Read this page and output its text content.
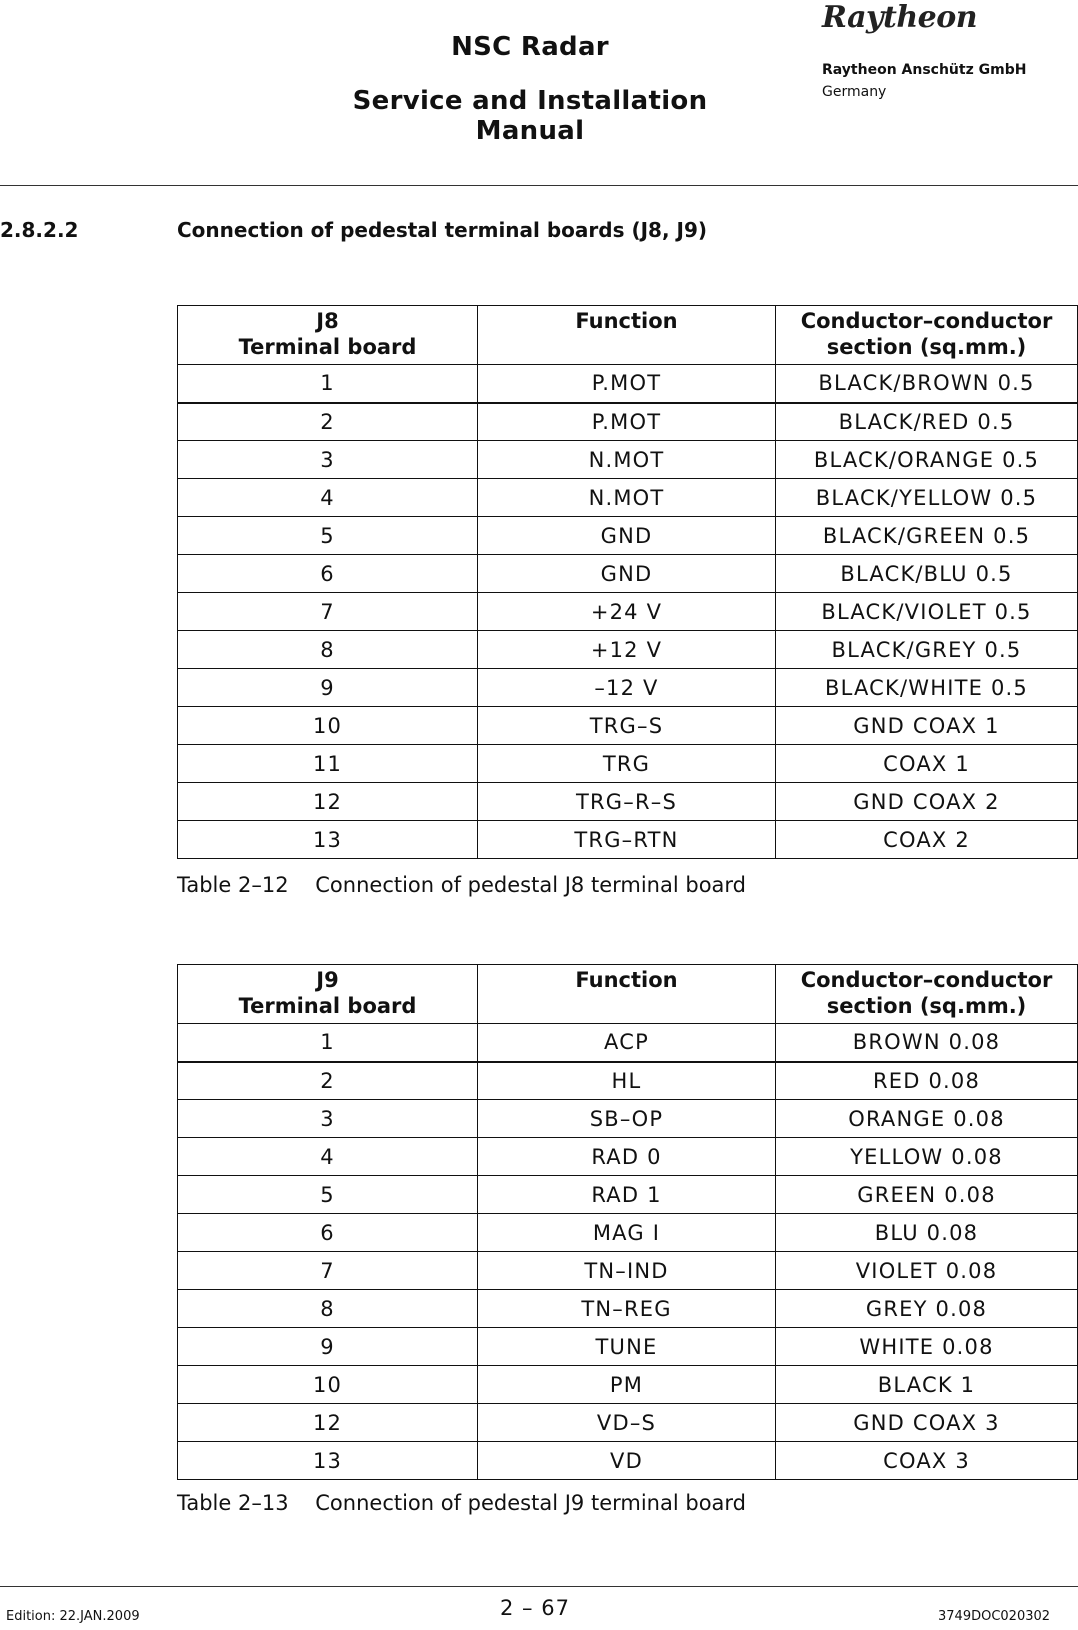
NSC Radar
Service and Installation Manual
Raytheon
Raytheon Anschütz GmbH
Germany
2.8.2.2	Connection of pedestal terminal boards (J8, J9)
J8
Terminal board	Function	Conductor–conductor
section (sq.mm.)
1	P.MOT	BLACK/BROWN 0.5
2	P.MOT	BLACK/RED 0.5
3	N.MOT	BLACK/ORANGE 0.5
4	N.MOT	BLACK/YELLOW 0.5
5	GND	BLACK/GREEN 0.5
6	GND	BLACK/BLU 0.5
7	+24 V	BLACK/VIOLET 0.5
8	+12 V	BLACK/GREY 0.5
9	–12 V	BLACK/WHITE 0.5
10	TRG–S	GND COAX 1
11	TRG	COAX 1
12	TRG–R–S	GND COAX 2
13	TRG–RTN	COAX 2
Table 2–12    Connection of pedestal J8 terminal board
J9
Terminal board	Function	Conductor–conductor
section (sq.mm.)
1	ACP	BROWN 0.08
2	HL	RED 0.08
3	SB–OP	ORANGE 0.08
4	RAD 0	YELLOW 0.08
5	RAD 1	GREEN 0.08
6	MAG I	BLU 0.08
7	TN–IND	VIOLET 0.08
8	TN–REG	GREY 0.08
9	TUNE	WHITE 0.08
10	PM	BLACK 1
12	VD–S	GND COAX 3
13	VD	COAX 3
Table 2–13    Connection of pedestal J9 terminal board
Edition: 22.JAN.2009	2 – 67	3749DOC020302
